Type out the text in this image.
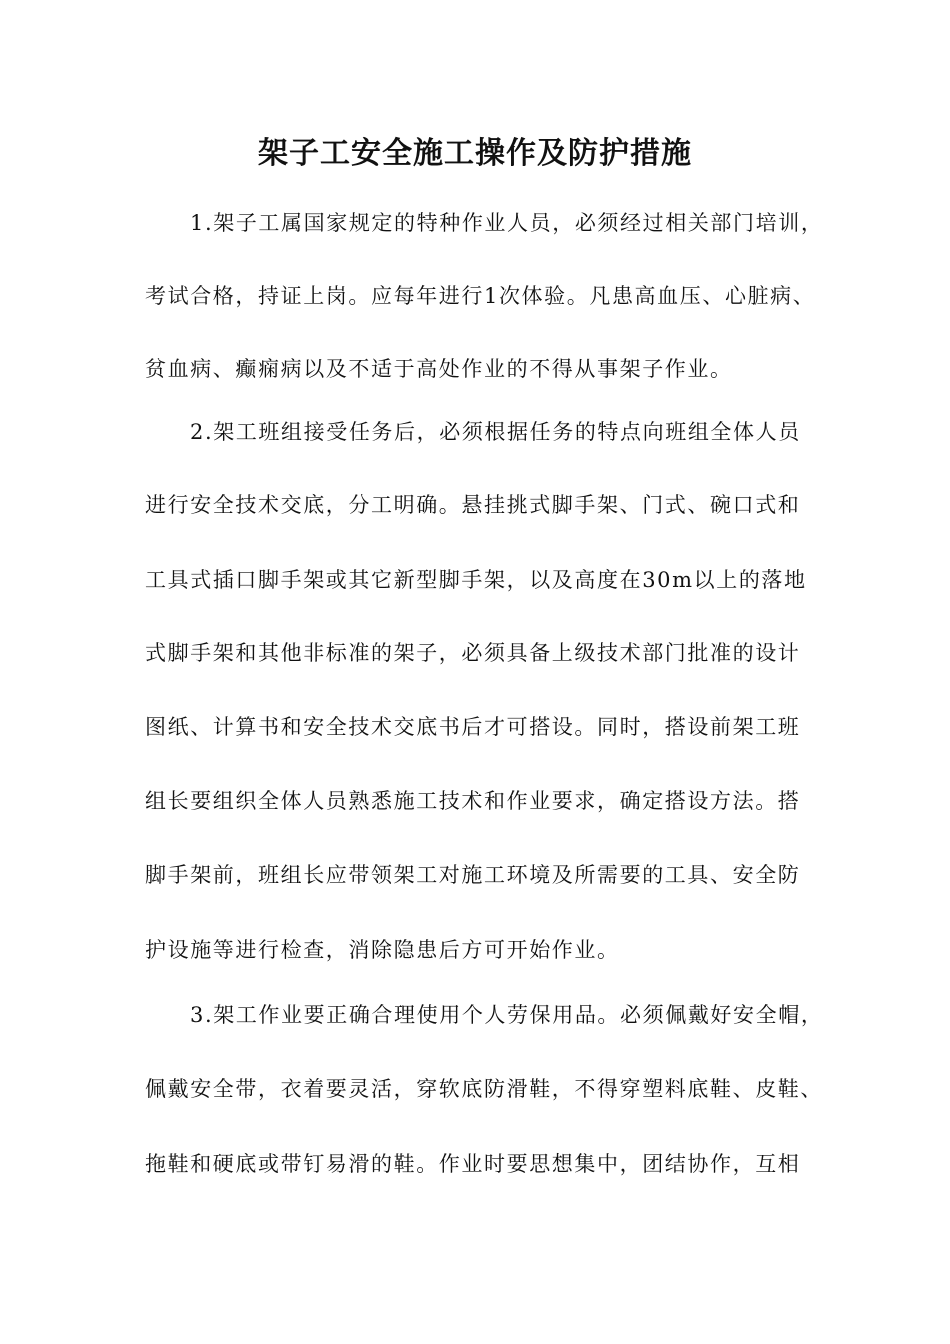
架子工安全施工操作及防护措施

1.架子工属国家规定的特种作业人员，必须经过相关部门培训，

考试合格，持证上岗。应每年进行1次体验。凡患高血压、心脏病、

贫血病、癫痫病以及不适于高处作业的不得从事架子作业。

2.架工班组接受任务后，必须根据任务的特点向班组全体人员

进行安全技术交底，分工明确。悬挂挑式脚手架、门式、碗口式和

工具式插口脚手架或其它新型脚手架，以及高度在30m以上的落地

式脚手架和其他非标准的架子，必须具备上级技术部门批准的设计

图纸、计算书和安全技术交底书后才可搭设。同时，搭设前架工班

组长要组织全体人员熟悉施工技术和作业要求，确定搭设方法。搭

脚手架前，班组长应带领架工对施工环境及所需要的工具、安全防

护设施等进行检查，消除隐患后方可开始作业。

3.架工作业要正确合理使用个人劳保用品。必须佩戴好安全帽，

佩戴安全带，衣着要灵活，穿软底防滑鞋，不得穿塑料底鞋、皮鞋、

拖鞋和硬底或带钉易滑的鞋。作业时要思想集中，团结协作，互相
